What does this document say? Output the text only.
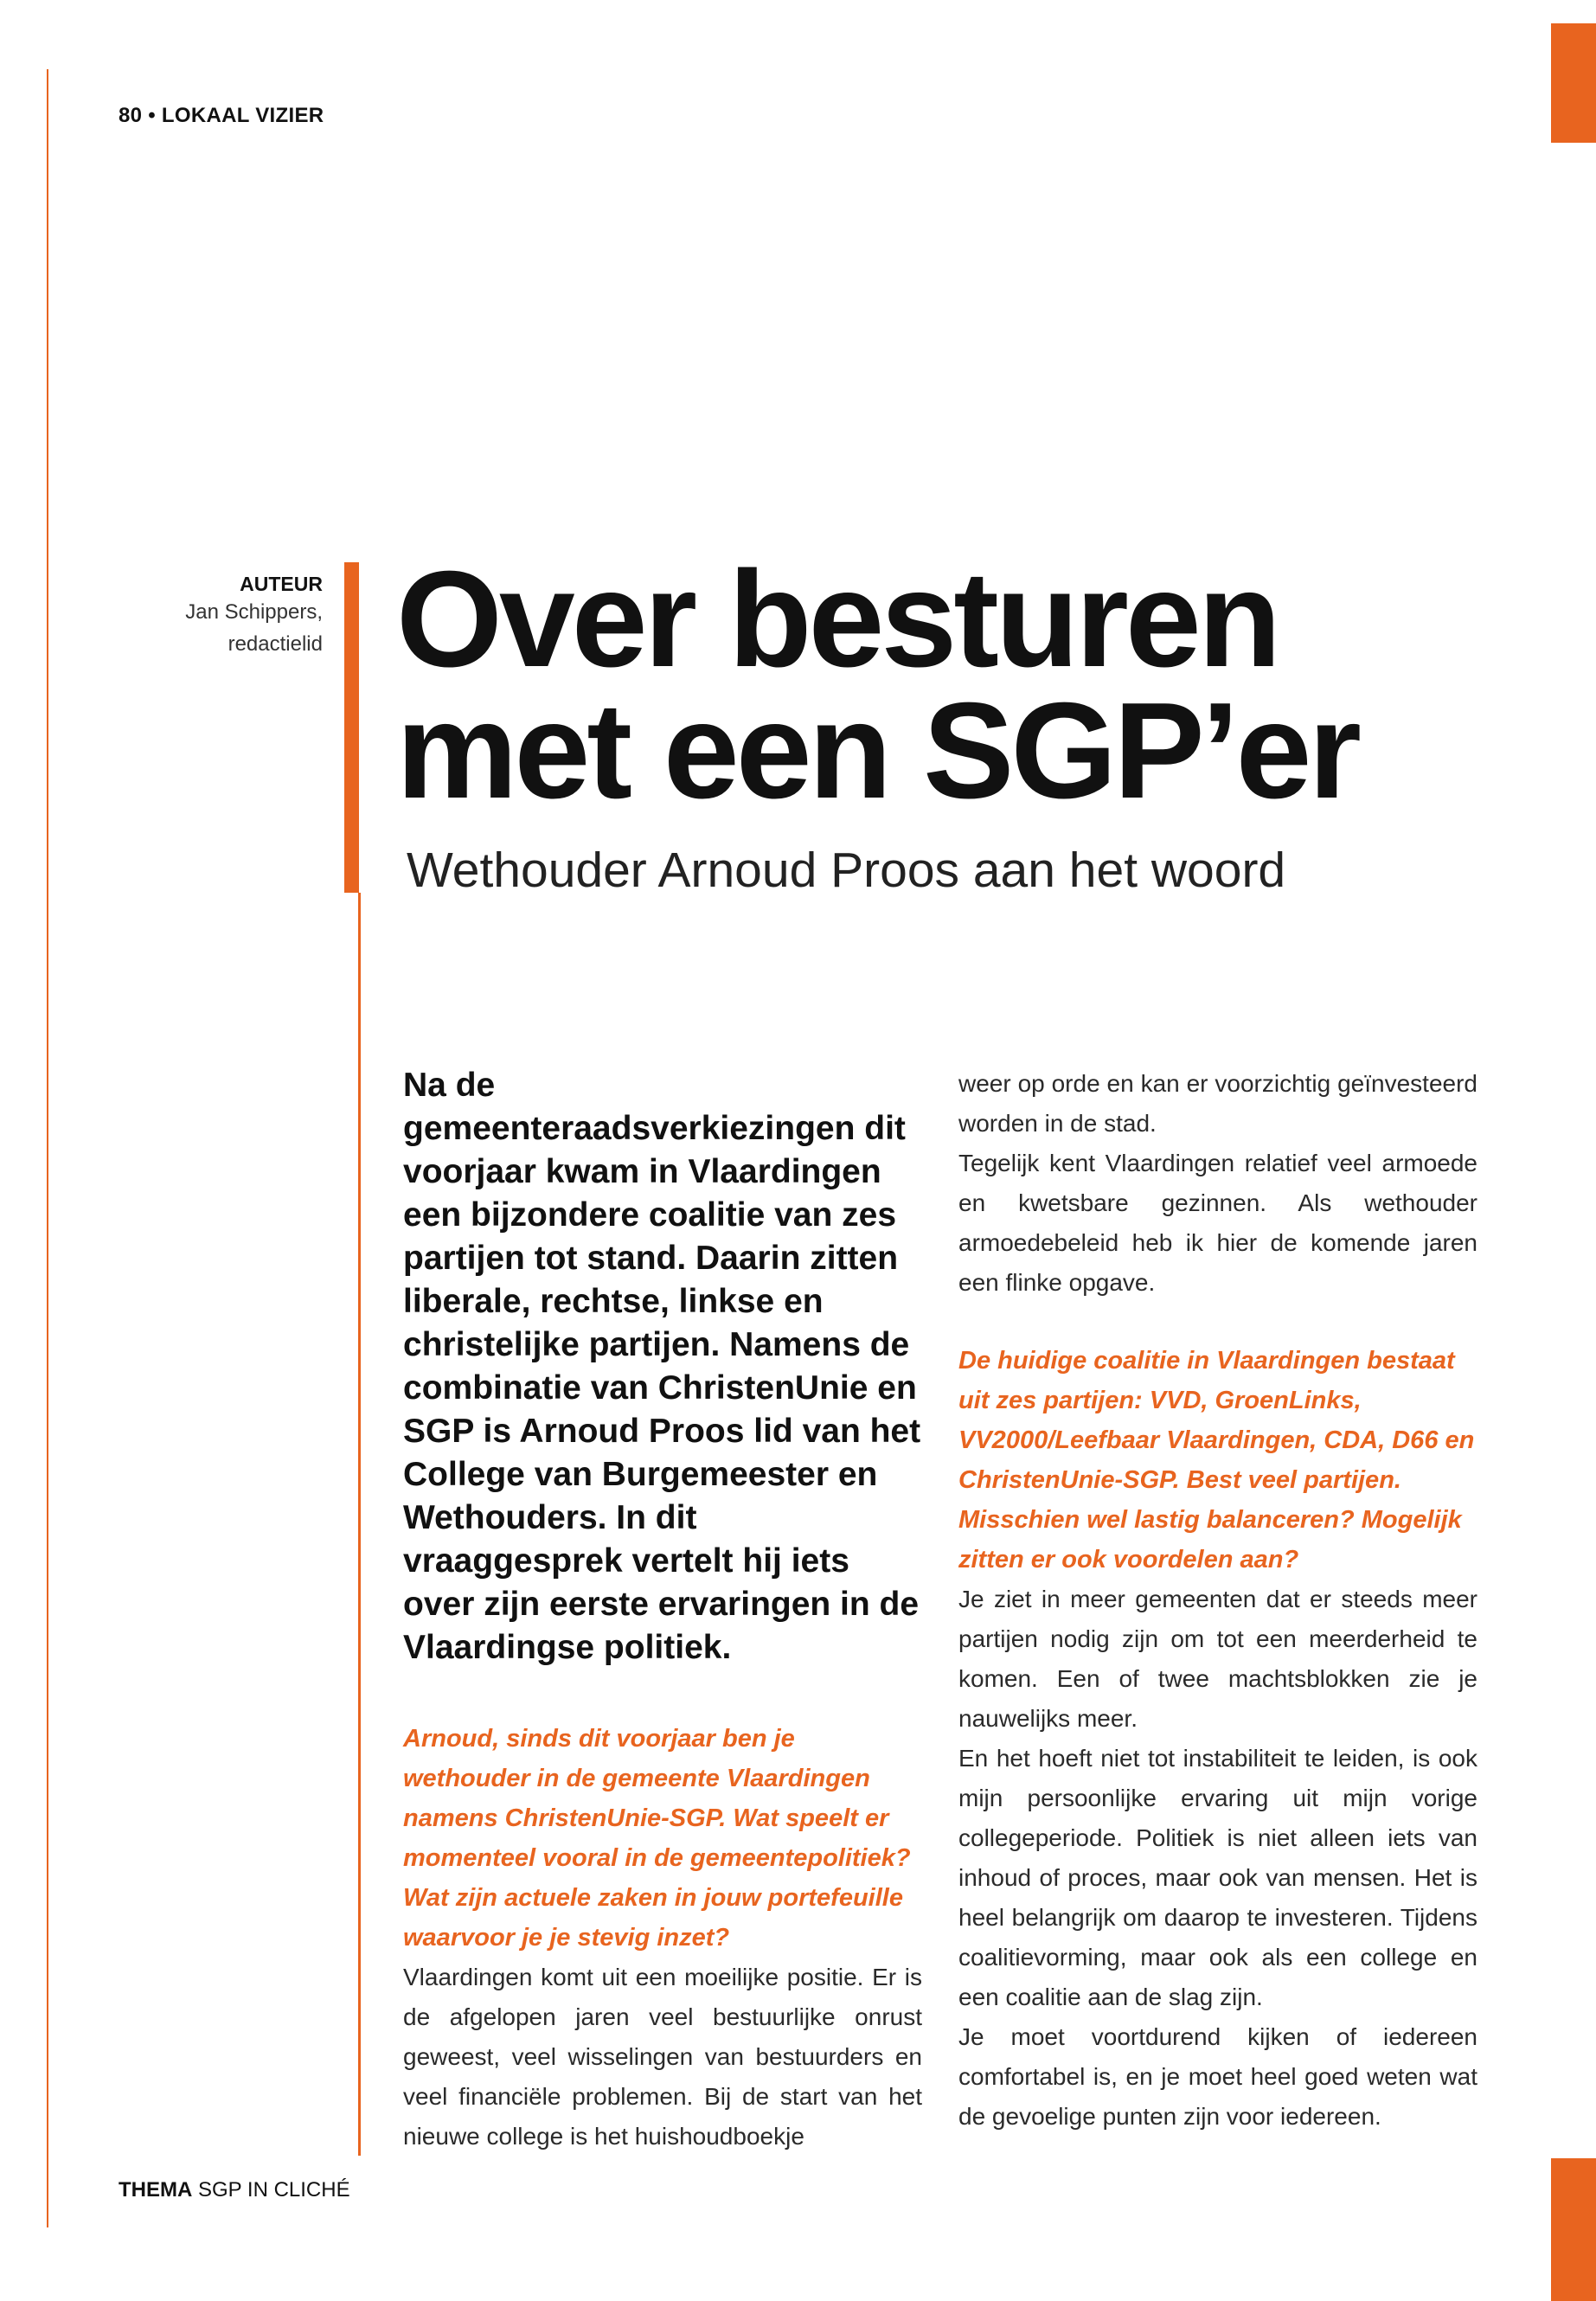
80 • LOKAAL VIZIER
AUTEUR
Jan Schippers,
redactielid Over besturen
met een SGP’er
Wethouder Arnoud Proos aan het woord

Na de gemeenteraadsverkiezingen dit voorjaar kwam in Vlaardingen een bijzondere coalitie van zes partijen tot stand. Daarin zitten liberale, rechtse, linkse en christelijke partijen. Namens de combinatie van ChristenUnie en SGP is Arnoud Proos lid van het College van Burgemeester en Wethouders. In dit vraaggesprek vertelt hij iets over zijn eerste ervaringen in de Vlaardingse politiek.

Arnoud, sinds dit voorjaar ben je wethouder in de gemeente Vlaardingen namens ChristenUnie-SGP. Wat speelt er momenteel vooral in de gemeentepolitiek? Wat zijn actuele zaken in jouw portefeuille waarvoor je je stevig inzet?

Vlaardingen komt uit een moeilijke positie. Er is de afgelopen jaren veel bestuurlijke onrust geweest, veel wisselingen van bestuurders en veel financiële problemen. Bij de start van het nieuwe college is het huishoudboekje

weer op orde en kan er voorzichtig geïnvesteerd worden in de stad.

Tegelijk kent Vlaardingen relatief veel armoede en kwetsbare gezinnen. Als wethouder armoedebeleid heb ik hier de komende jaren een flinke opgave.

De huidige coalitie in Vlaardingen bestaat uit zes partijen: VVD, GroenLinks, VV2000/Leefbaar Vlaardingen, CDA, D66 en ChristenUnie-SGP. Best veel partijen. Misschien wel lastig balanceren? Mogelijk zitten er ook voordelen aan?

Je ziet in meer gemeenten dat er steeds meer partijen nodig zijn om tot een meerderheid te komen. Een of twee machtsblokken zie je nauwelijks meer.

En het hoeft niet tot instabiliteit te leiden, is ook mijn persoonlijke ervaring uit mijn vorige collegeperiode. Politiek is niet alleen iets van inhoud of proces, maar ook van mensen. Het is heel belangrijk om daarop te investeren. Tijdens coalitievorming, maar ook als een college en een coalitie aan de slag zijn.

Je moet voortdurend kijken of iedereen comfortabel is, en je moet heel goed weten wat de gevoelige punten zijn voor iedereen.

THEMA SGP IN CLICHÉ
